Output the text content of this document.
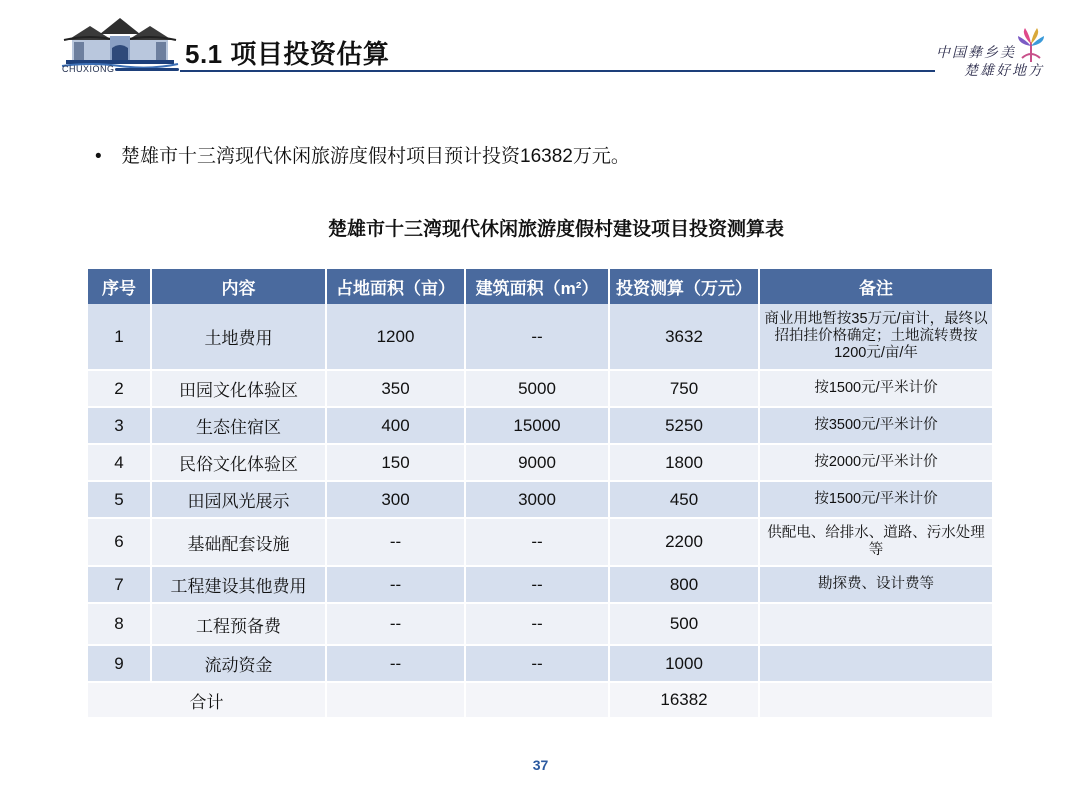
CHUXIONG	5.1 项目投资估算	中国彝乡美
楚雄好地方
• 楚雄市十三湾现代休闲旅游度假村项目预计投资16382万元。
楚雄市十三湾现代休闲旅游度假村建设项目投资测算表
序号	内容	占地面积（亩）	建筑面积（m²）	投资测算（万元）	备注
1	土地费用	1200	--	3632	商业用地暂按35万元/亩计，最终以招拍挂价格确定；土地流转费按1200元/亩/年
2	田园文化体验区	350	5000	750	按1500元/平米计价
3	生态住宿区	400	15000	5250	按3500元/平米计价
4	民俗文化体验区	150	9000	1800	按2000元/平米计价
5	田园风光展示	300	3000	450	按1500元/平米计价
6	基础配套设施	--	--	2200	供配电、给排水、道路、污水处理等
7	工程建设其他费用	--	--	800	勘探费、设计费等
8	工程预备费	--	--	500	
9	流动资金	--	--	1000	
合计				16382	
37
